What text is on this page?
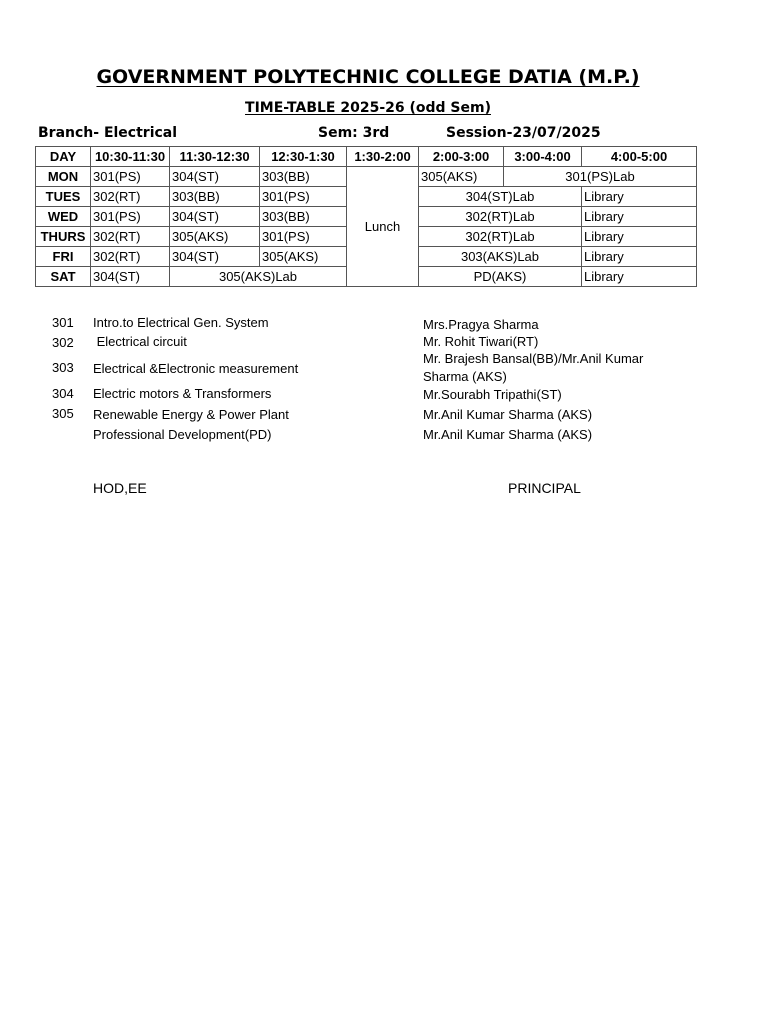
GOVERNMENT POLYTECHNIC COLLEGE DATIA (M.P.)
TIME-TABLE 2025-26 (odd Sem)
Branch- Electrical	Sem: 3rd	Session-23/07/2025
DAY	10:30-11:30	11:30-12:30	12:30-1:30	1:30-2:00	2:00-3:00	3:00-4:00	4:00-5:00
MON	301(PS)	304(ST)	303(BB)	Lunch	305(AKS)	301(PS)Lab	
TUES	302(RT)	303(BB)	301(PS)		304(ST)Lab		Library
WED	301(PS)	304(ST)	303(BB)		302(RT)Lab		Library
THURS	302(RT)	305(AKS)	301(PS)		302(RT)Lab		Library
FRI	302(RT)	304(ST)	305(AKS)		303(AKS)Lab		Library
SAT	304(ST)	305(AKS)Lab			PD(AKS)		Library
301 Intro.to Electrical Gen. System	Mrs.Pragya Sharma
302 Electrical circuit	Mr. Rohit Tiwari(RT)
303 Electrical &Electronic measurement
Mr. Brajesh Bansal(BB)/Mr.Anil Kumar
Sharma (AKS)
304 Electric motors & Transformers	Mr.Sourabh Tripathi(ST)
305 Renewable Energy & Power Plant	Mr.Anil Kumar Sharma (AKS)
Professional Development(PD)	Mr.Anil Kumar Sharma (AKS)
HOD,EE	PRINCIPAL
